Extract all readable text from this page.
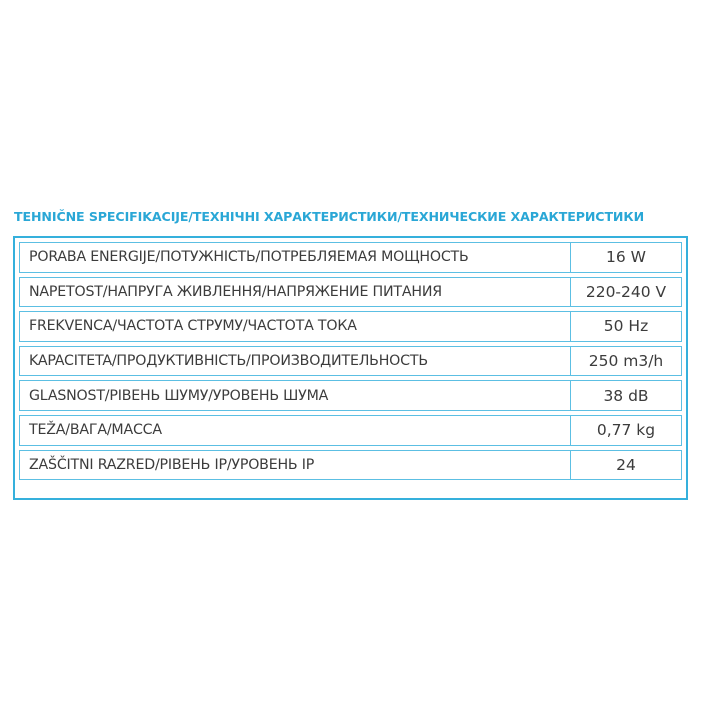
TEHNIČNE SPECIFIKACIJE/ТЕХНІЧНІ ХАРАКТЕРИСТИКИ/ТЕХНИЧЕСКИЕ ХАРАКТЕРИСТИКИ
PORABA ENERGIJE/ПОТУЖНІСТЬ/ПОТРЕБЛЯЕМАЯ МОЩНОСТЬ	16 W
NAPETOST/НАПРУГА ЖИВЛЕННЯ/НАПРЯЖЕНИЕ ПИТАНИЯ	220-240 V
FREKVENCA/ЧАСТОТА СТРУМУ/ЧАСТОТА ТОКА	50 Hz
KAPACITETA/ПРОДУКТИВНІСТЬ/ПРОИЗВОДИТЕЛЬНОСТЬ	250 m3/h
GLASNOST/РІВЕНЬ ШУМУ/УРОВЕНЬ ШУМА	38 dB
TEŽA/ВАГА/МАССА	0,77 kg
ZAŠČITNI RAZRED/РІВЕНЬ IP/УРОВЕНЬ IP	24
